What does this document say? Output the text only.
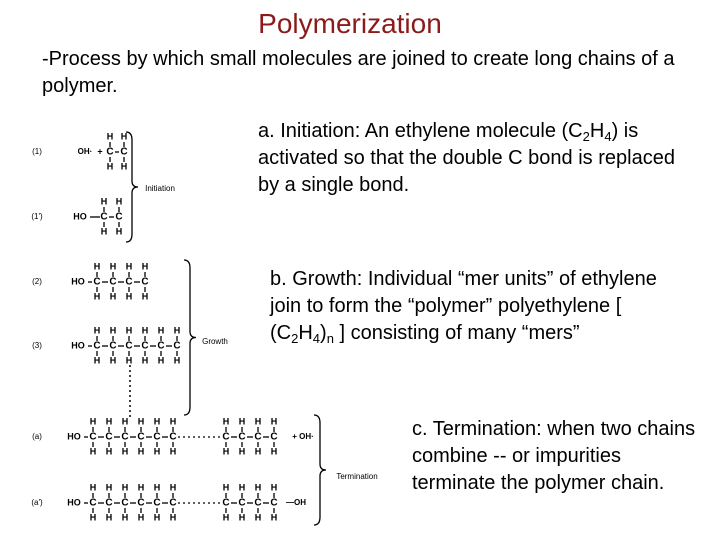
Polymerization
-Process by which small molecules are joined to create long chains of a polymer.
(1)
(1')
(2)
(3)
(a)
(a')
OH· + C
H
H
C
H
H
HO C
H
H
C
H
H
HO C
H
H
C
H
H
C
H
H
C
H
H
HO C
H
H
C
H
H
C
H
H
C
H
H
C
H
H
C
H
H
HO C
H
H
C
H
H
C
H
H
C
H
H
C
H
H
C
H
H
C
H
H
C
H
H
C
H
H
C
H
H
+ OH·
HO C
H
H
C
H
H
C
H
H
C
H
H
C
H
H
C
H
H
C
H
H
C
H
H
C
H
H
C
H
H
—OH
Initiation
Growth
Termination
a. Initiation: An ethylene molecule $(C_2H_4)$ is activated so that the double C bond is replaced by a single bond.
b. Growth: Individual “mer units” of ethylene join to form the “polymer” polyethylene [ $(C_2H_4)_n$ ] consisting of many “mers”
c. Termination: when two chains combine -- or impurities terminate the polymer chain.
